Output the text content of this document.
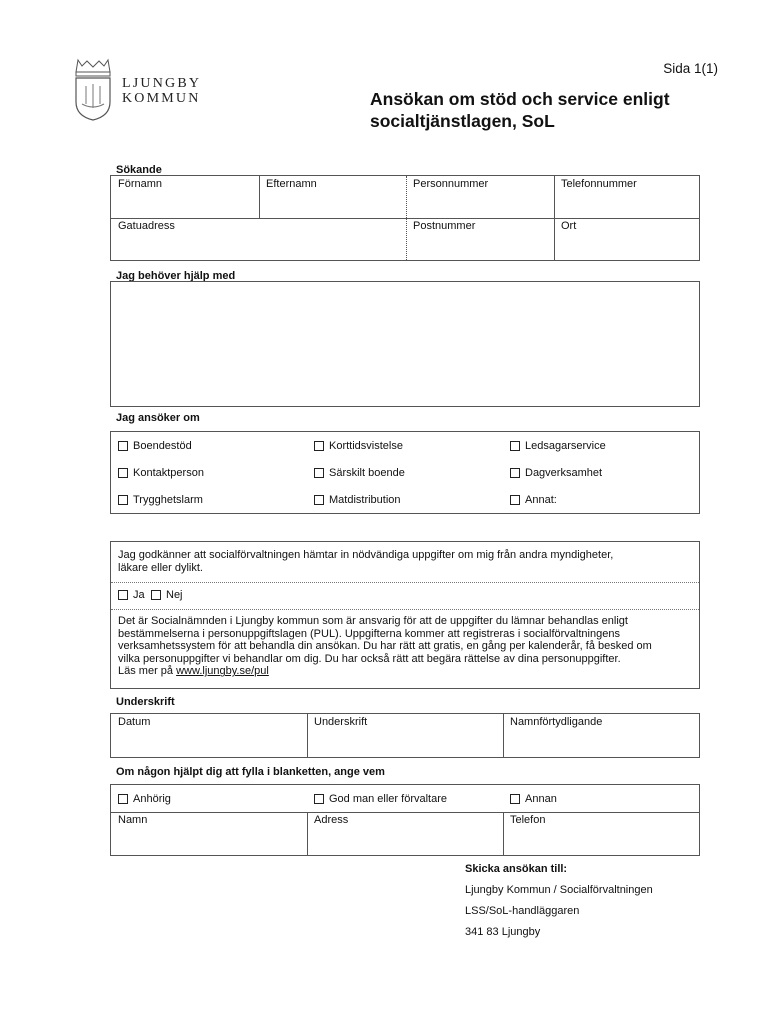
LJUNGBY
KOMMUN
Sida 1(1)
Ansökan om stöd och service enligt
socialtjänstlagen, SoL
Sökande
Förnamn	Efternamn	Personnummer	Telefonnummer
Gatuadress	Postnummer	Ort
Jag behöver hjälp med
Jag ansöker om
Boendestöd	Korttidsvistelse	Ledsagarservice
Kontaktperson	Särskilt boende	Dagverksamhet
Trygghetslarm	Matdistribution	Annat:
Jag godkänner att socialförvaltningen hämtar in nödvändiga uppgifter om mig från andra myndigheter,
läkare eller dylikt.
Ja Nej
Det är Socialnämnden i Ljungby kommun som är ansvarig för att de uppgifter du lämnar behandlas enligt
bestämmelserna i personuppgiftslagen (PUL). Uppgifterna kommer att registreras i socialförvaltningens
verksamhetssystem för att behandla din ansökan. Du har rätt att gratis, en gång per kalenderår, få besked om
vilka personuppgifter vi behandlar om dig. Du har också rätt att begära rättelse av dina personuppgifter.
Läs mer på www.ljungby.se/pul
Underskrift
Datum	Underskrift	Namnförtydligande
Om någon hjälpt dig att fylla i blanketten, ange vem
Anhörig	God man eller förvaltare	Annan
Namn	Adress	Telefon
Skicka ansökan till:
Ljungby Kommun / Socialförvaltningen
LSS/SoL-handläggaren
341 83 Ljungby
